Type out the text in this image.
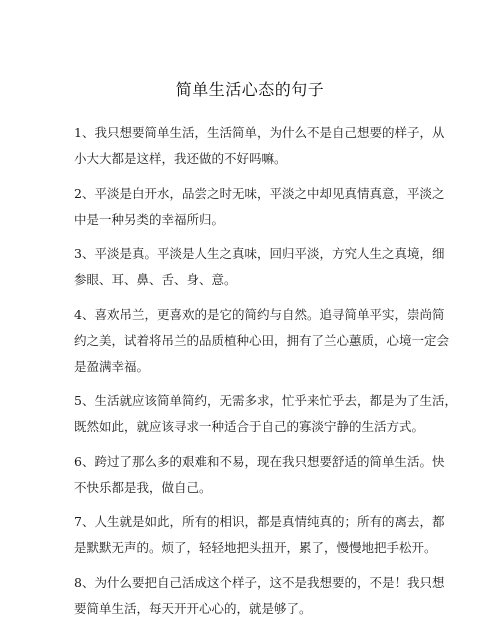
简单生活心态的句子
1、我只想要简单生活，生活简单，为什么不是自己想要的样子，从
小大大都是这样，我还做的不好吗嘛。
2、平淡是白开水，品尝之时无味，平淡之中却见真情真意，平淡之
中是一种另类的幸福所归。
3、平淡是真。平淡是人生之真味，回归平淡，方究人生之真境，细
参眼、耳、鼻、舌、身、意。
4、喜欢吊兰，更喜欢的是它的简约与自然。追寻简单平实，崇尚简
约之美，试着将吊兰的品质植种心田，拥有了兰心蕙质，心境一定会
是盈满幸福。
5、生活就应该简单简约，无需多求，忙乎来忙乎去，都是为了生活，
既然如此，就应该寻求一种适合于自己的寡淡宁静的生活方式。
6、跨过了那么多的艰难和不易，现在我只想要舒适的简单生活。快
不快乐都是我，做自己。
7、人生就是如此，所有的相识，都是真情纯真的；所有的离去，都
是默默无声的。烦了，轻轻地把头扭开，累了，慢慢地把手松开。
8、为什么要把自己活成这个样子，这不是我想要的，不是！我只想
要简单生活，每天开开心心的，就是够了。
